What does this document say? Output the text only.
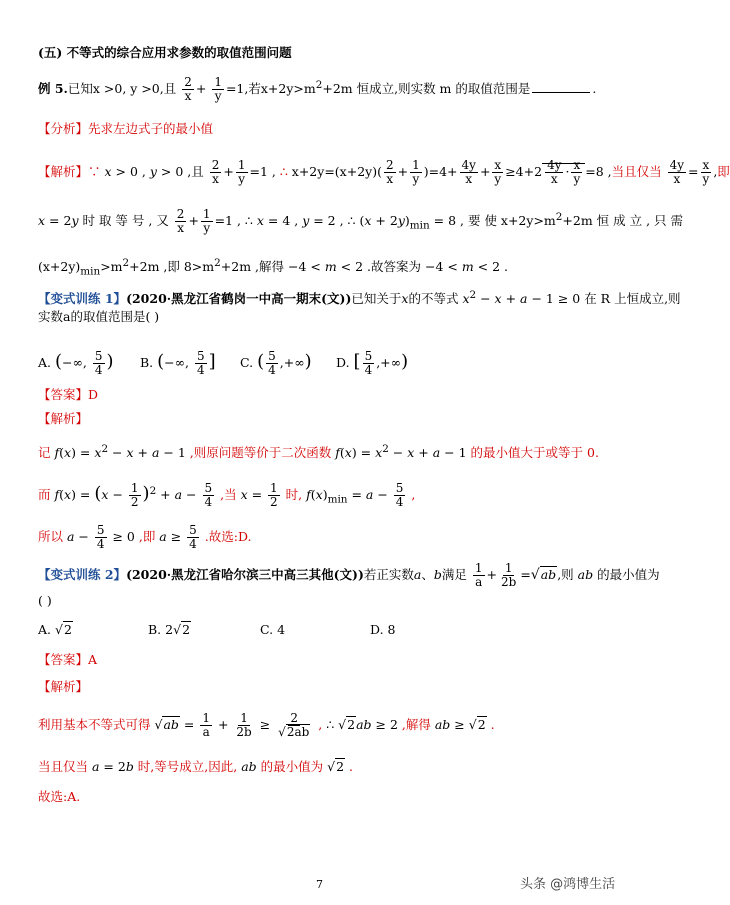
(五) 不等式的综合应用求参数的取值范围问题
例 5.已知x >0, y >0,且 $\frac{2}{x} + \frac{1}{y} =1$,若$x+2y>m^2+2m$ 恒成立,则实数 m 的取值范围是	.
【分析】先求左边式子的最小值
【解析】∵ x > 0 , y > 0 ,且 $\frac{2}{x} + \frac{1}{y} =1$ , ∴ $x+2y=(x+2y)( \frac{2}{x} + \frac{1}{y} )=4+ \frac{4y}{x} + \frac{x}{y} \ge 4+2 \frac{4y}{x} \cdot \frac{x}{y} =8$ ,当且仅当 $\frac{4y}{x} = \frac{x}{y}$ ,即
x = 2y 时 取 等 号 , 又 $\frac{2}{x} + \frac{1}{y} =1$ , ∴ x = 4 , y = 2 , ∴ $(x + 2y)_{min} = 8$ , 要 使 $x+2y>m^2+2m$ 恒 成 立 , 只 需
$(x+2y)_{min}>m^2+2m$ ,即 $8>m^2+2m$ ,解得 −4 < m < 2 .故答案为 −4 < m < 2 .
【变式训练 1】(2020·黑龙江省鹤岗一中高一期末(文))已知关于x的不等式 $x^2 - x + a - 1 \ge 0$ 在 R 上恒成立,则
实数a的取值范围是( )
A. (−∞, $\frac{5}{4}$ ) B. (−∞, $\frac{5}{4}$ ] C. ( $\frac{5}{4}$ ,+∞) D. [ $\frac{5}{4}$ ,+∞)
【答案】D
【解析】
记 $f(x) = x^2 - x + a - 1$ ,则原问题等价于二次函数 $f(x) = x^2 - x + a - 1$ 的最小值大于或等于 0.
而 $f(x) = (x - \frac{1}{2} )^2 + a - \frac{5}{4}$ ,当 $x = \frac{1}{2}$ 时, $f(x)_{min} = a - \frac{5}{4}$ ,
所以 $a - \frac{5}{4} \ge 0$ ,即 $a \ge \frac{5}{4}$ .故选:D.
【变式训练 2】(2020·黑龙江省哈尔滨三中高三其他(文))若正实数a、b满足 $\frac{1}{a} + \frac{1}{2b} =√ab$,则 ab 的最小值为
( )
A. √2	B. 2√2	C. 4	D. 8
【答案】A
【解析】
利用基本不等式可得 $√ab = \frac{1}{a} + \frac{1}{2b} \ge \frac{2}{√2ab}$ , ∴ √2ab ≥ 2 ,解得 ab ≥ √2 .
当且仅当 a = 2b 时,等号成立,因此, ab 的最小值为 √2 .
故选:A.
7	头条 @鸿博生活
